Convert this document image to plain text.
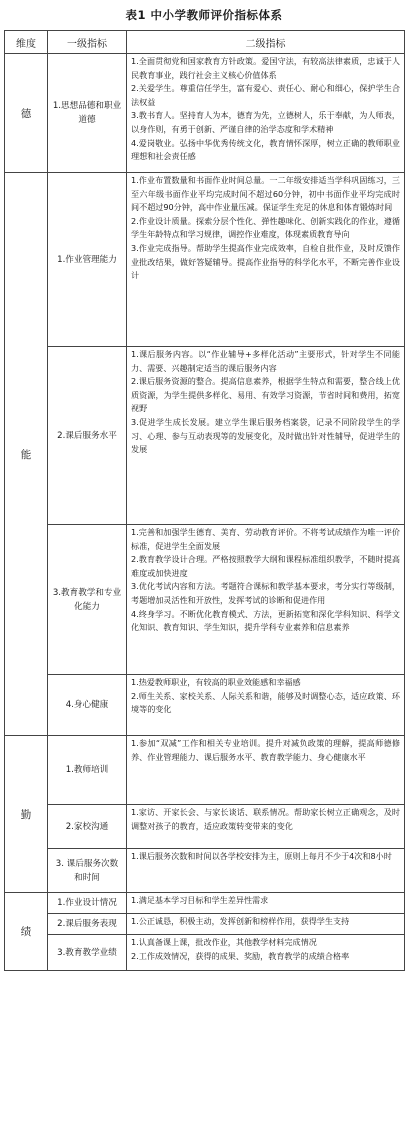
表1 中小学教师评价指标体系
维度	一级指标	二级指标
德	1.思想品德和职业道德	1.全面贯彻党和国家教育方针政策。爱国守法，有较高法律素质，忠诚于人民教育事业，践行社会主义核心价值体系

2.关爱学生。尊重信任学生，富有爱心、责任心、耐心和细心，保护学生合法权益

3.教书育人。坚持育人为本，德育为先，立德树人，乐于奉献，为人师表，以身作则，有勇于创新、严谨自律的治学态度和学术精神

4.爱岗敬业。弘扬中华优秀传统文化，教育情怀深厚，树立正确的教师职业理想和社会责任感

能	1.作业管理能力	1.作业布置数量和书面作业时间总量。一二年级安排适当学科巩固练习，三至六年级书面作业平均完成时间不超过60分钟，初中书面作业平均完成时间不超过90分钟，高中作业量压减。保证学生充足的休息和体育锻炼时间

2.作业设计质量。探索分层个性化、弹性趣味化、创新实践化的作业，遵循学生年龄特点和学习规律，调控作业难度，体现素质教育导向

3.作业完成指导。帮助学生提高作业完成效率，自检自批作业，及时反馈作业批改结果，做好答疑辅导。提高作业指导的科学化水平，不断完善作业设计

	2.课后服务水平	1.课后服务内容。以“作业辅导+多样化活动”主要形式，针对学生不同能力、需要、兴趣制定适当的课后服务内容

2.课后服务资源的整合。提高信息素养，根据学生特点和需要，整合线上优质资源，为学生提供多样化、易用、有效学习资源，节省时间和费用，拓宽视野

3.促进学生成长发展。建立学生课后服务档案袋，记录不同阶段学生的学习、心理、参与互动表现等的发展变化，及时做出针对性辅导，促进学生的发展

	3.教育教学和专业化能力	1.完善和加强学生德育、美育、劳动教育评价。不将考试成绩作为唯一评价标准，促进学生全面发展

2.教育教学设计合理。严格按照教学大纲和课程标准组织教学，不随时提高难度或加快进度

3.优化考试内容和方法。考题符合课标和教学基本要求，考分实行等级制，考题增加灵活性和开放性，发挥考试的诊断和促进作用

4.终身学习。不断优化教育模式、方法，更新拓宽和深化学科知识、科学文化知识、教育知识、学生知识，提升学科专业素养和信息素养

	4.身心健康	1.热爱教师职业，有较高的职业效能感和幸福感

2.师生关系、家校关系、人际关系和谐，能够及时调整心态，适应政策、环境等的变化

勤	1.教师培训	1.参加“双减”工作和相关专业培训。提升对减负政策的理解，提高师德修养、作业管理能力、课后服务水平、教育教学能力、身心健康水平

	2.家校沟通	1.家访、开家长会、与家长谈话、联系情况。帮助家长树立正确观念，及时调整对孩子的教育，适应政策转变带来的变化

	3. 课后服务次数和时间	1.课后服务次数和时间以各学校安排为主，原则上每月不少于4次和8小时

绩	1.作业设计情况	1.满足基本学习目标和学生差异性需求

	2.课后服务表现	1.公正诚恳，积极主动，发挥创新和榜样作用，获得学生支持

	3.教育教学业绩	1.认真备课上课，批改作业，其他教学材料完成情况

2.工作成效情况，获得的成果、奖励，教育教学的成绩合格率
